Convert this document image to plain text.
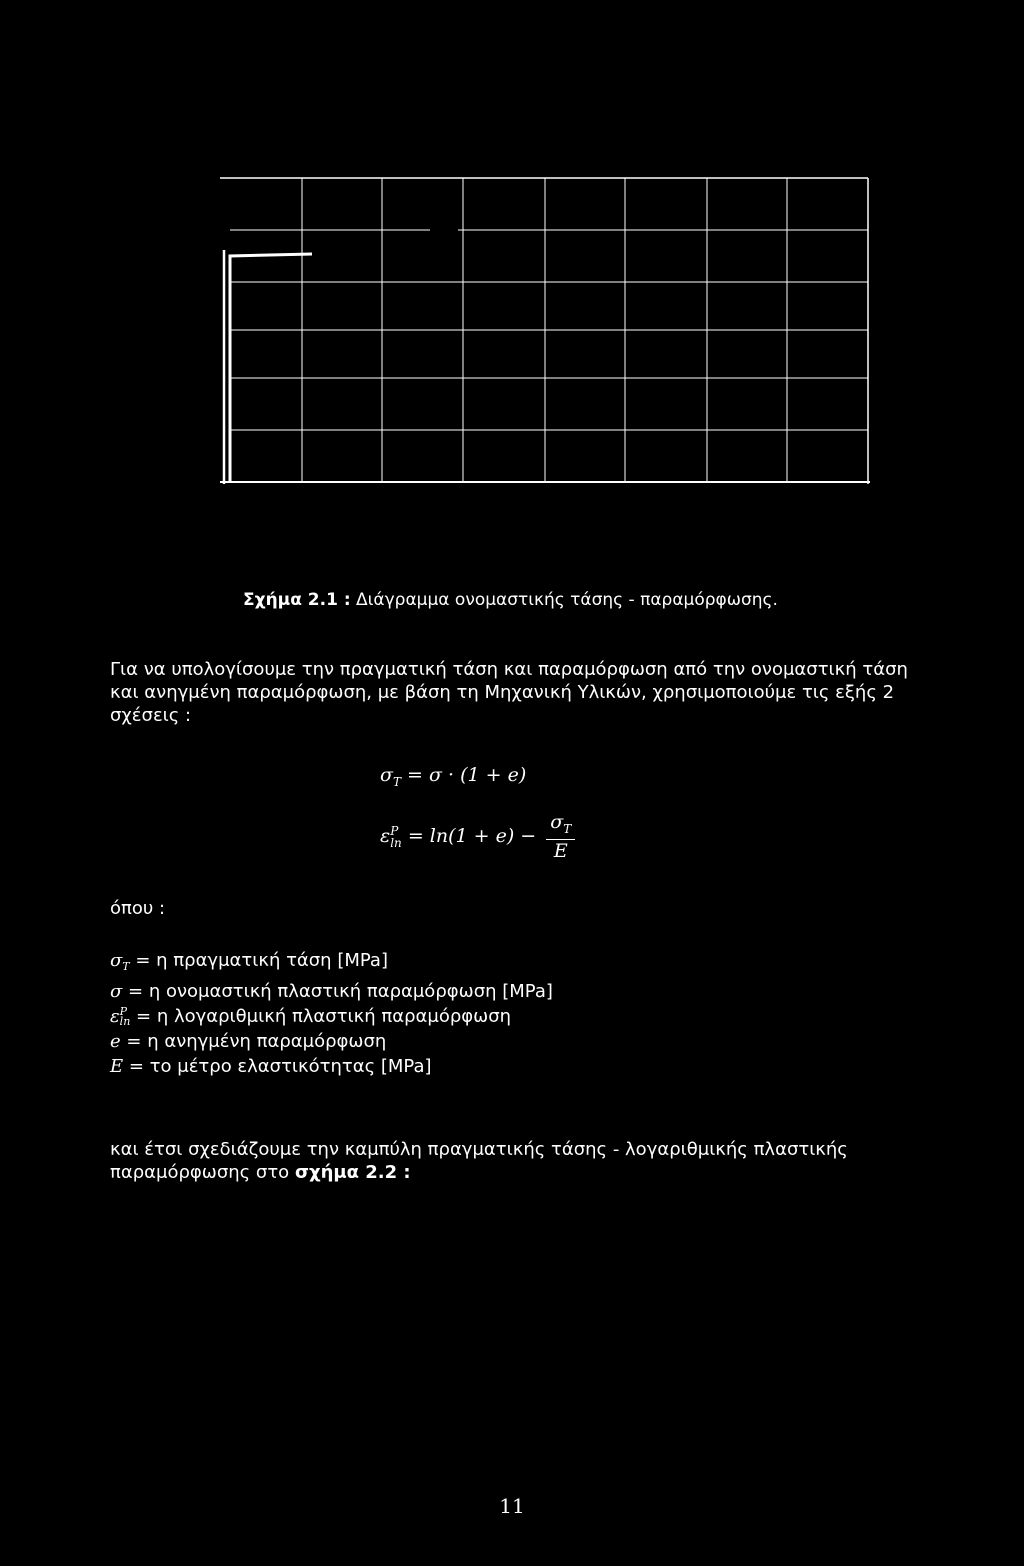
Σχήμα 2.1 : Διάγραμμα ονομαστικής τάσης - παραμόρφωσης.
Για να υπολογίσουμε την πραγματική τάση και παραμόρφωση από την ονομαστική τάση και ανηγμένη παραμόρφωση, με βάση τη Μηχανική Υλικών, χρησιμοποιούμε τις εξής 2 σχέσεις :
$\sigma_T = \sigma \cdot (1 + e)$
ε P
$\ln = \ln(1 + e) - \frac{\sigma_T}{E}$
όπου :
$\sigma_T = \eta$ πραγματική τάση [MPa]
σ = η ονομαστική πλαστική παραμόρφωση [MPa]
ε P
ln = η λογαριθμική πλαστική παραμόρφωση
e = η ανηγμένη παραμόρφωση
E = το μέτρο ελαστικότητας [MPa]
και έτσι σχεδιάζουμε την καμπύλη πραγματικής τάσης - λογαριθμικής πλαστικής παραμόρφωσης στο σχήμα 2.2 :
11
